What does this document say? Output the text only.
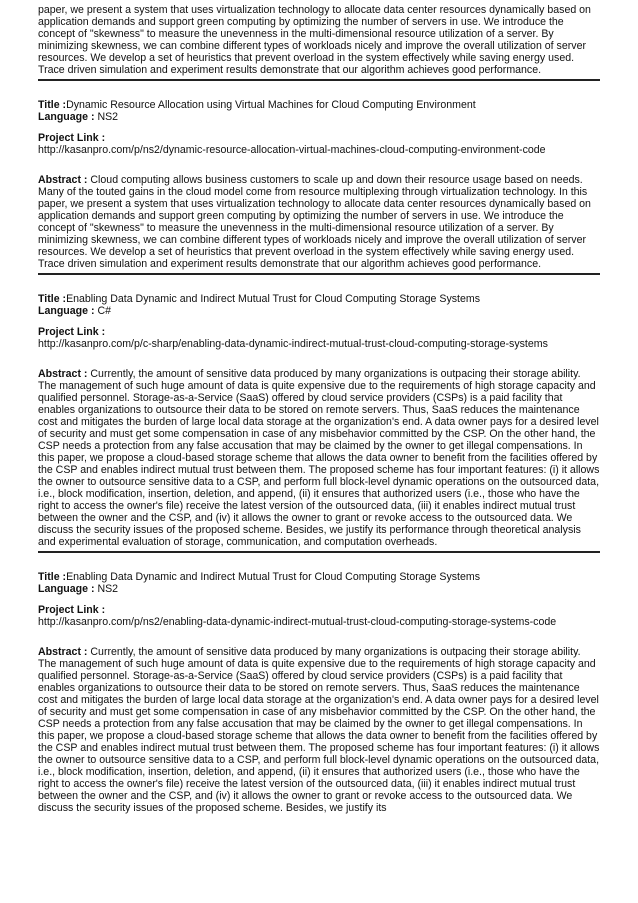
paper, we present a system that uses virtualization technology to allocate data center resources dynamically based on application demands and support green computing by optimizing the number of servers in use. We introduce the concept of "skewness" to measure the unevenness in the multi-dimensional resource utilization of a server. By minimizing skewness, we can combine different types of workloads nicely and improve the overall utilization of server resources. We develop a set of heuristics that prevent overload in the system effectively while saving energy used. Trace driven simulation and experiment results demonstrate that our algorithm achieves good performance.

Title :Dynamic Resource Allocation using Virtual Machines for Cloud Computing Environment

Language : NS2

Project Link :

http://kasanpro.com/p/ns2/dynamic-resource-allocation-virtual-machines-cloud-computing-environment-code

Abstract : Cloud computing allows business customers to scale up and down their resource usage based on needs. Many of the touted gains in the cloud model come from resource multiplexing through virtualization technology. In this paper, we present a system that uses virtualization technology to allocate data center resources dynamically based on application demands and support green computing by optimizing the number of servers in use. We introduce the concept of "skewness" to measure the unevenness in the multi-dimensional resource utilization of a server. By minimizing skewness, we can combine different types of workloads nicely and improve the overall utilization of server resources. We develop a set of heuristics that prevent overload in the system effectively while saving energy used. Trace driven simulation and experiment results demonstrate that our algorithm achieves good performance.

Title :Enabling Data Dynamic and Indirect Mutual Trust for Cloud Computing Storage Systems

Language : C#

Project Link :

http://kasanpro.com/p/c-sharp/enabling-data-dynamic-indirect-mutual-trust-cloud-computing-storage-systems

Abstract : Currently, the amount of sensitive data produced by many organizations is outpacing their storage ability. The management of such huge amount of data is quite expensive due to the requirements of high storage capacity and qualified personnel. Storage-as-a-Service (SaaS) offered by cloud service providers (CSPs) is a paid facility that enables organizations to outsource their data to be stored on remote servers. Thus, SaaS reduces the maintenance cost and mitigates the burden of large local data storage at the organization's end. A data owner pays for a desired level of security and must get some compensation in case of any misbehavior committed by the CSP. On the other hand, the CSP needs a protection from any false accusation that may be claimed by the owner to get illegal compensations. In this paper, we propose a cloud-based storage scheme that allows the data owner to benefit from the facilities offered by the CSP and enables indirect mutual trust between them. The proposed scheme has four important features: (i) it allows the owner to outsource sensitive data to a CSP, and perform full block-level dynamic operations on the outsourced data, i.e., block modification, insertion, deletion, and append, (ii) it ensures that authorized users (i.e., those who have the right to access the owner's file) receive the latest version of the outsourced data, (iii) it enables indirect mutual trust between the owner and the CSP, and (iv) it allows the owner to grant or revoke access to the outsourced data. We discuss the security issues of the proposed scheme. Besides, we justify its performance through theoretical analysis and experimental evaluation of storage, communication, and computation overheads.

Title :Enabling Data Dynamic and Indirect Mutual Trust for Cloud Computing Storage Systems

Language : NS2

Project Link :

http://kasanpro.com/p/ns2/enabling-data-dynamic-indirect-mutual-trust-cloud-computing-storage-systems-code

Abstract : Currently, the amount of sensitive data produced by many organizations is outpacing their storage ability. The management of such huge amount of data is quite expensive due to the requirements of high storage capacity and qualified personnel. Storage-as-a-Service (SaaS) offered by cloud service providers (CSPs) is a paid facility that enables organizations to outsource their data to be stored on remote servers. Thus, SaaS reduces the maintenance cost and mitigates the burden of large local data storage at the organization's end. A data owner pays for a desired level of security and must get some compensation in case of any misbehavior committed by the CSP. On the other hand, the CSP needs a protection from any false accusation that may be claimed by the owner to get illegal compensations. In this paper, we propose a cloud-based storage scheme that allows the data owner to benefit from the facilities offered by the CSP and enables indirect mutual trust between them. The proposed scheme has four important features: (i) it allows the owner to outsource sensitive data to a CSP, and perform full block-level dynamic operations on the outsourced data, i.e., block modification, insertion, deletion, and append, (ii) it ensures that authorized users (i.e., those who have the right to access the owner's file) receive the latest version of the outsourced data, (iii) it enables indirect mutual trust between the owner and the CSP, and (iv) it allows the owner to grant or revoke access to the outsourced data. We discuss the security issues of the proposed scheme. Besides, we justify its
